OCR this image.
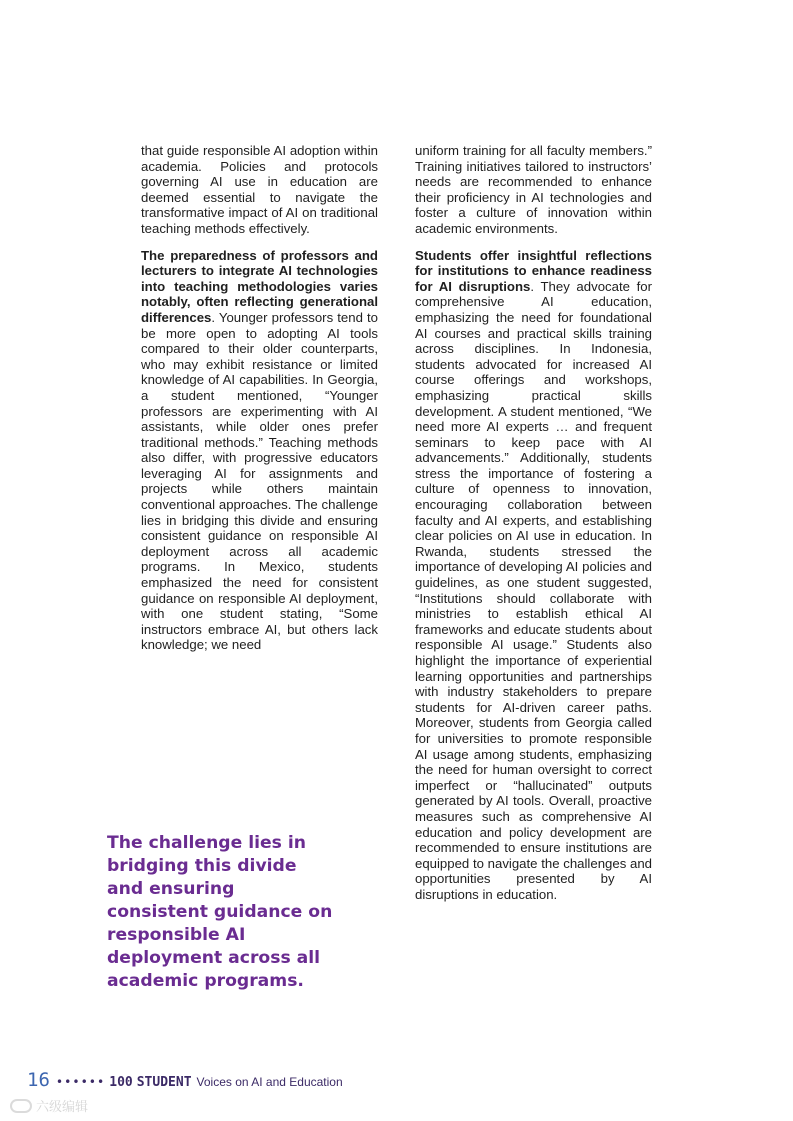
that guide responsible AI adoption within academia. Policies and protocols governing AI use in education are deemed essential to navigate the transformative impact of AI on traditional teaching methods effectively.

The preparedness of professors and lecturers to integrate AI technologies into teaching methodologies varies notably, often reflecting generational differences. Younger professors tend to be more open to adopting AI tools compared to their older counterparts, who may exhibit resistance or limited knowledge of AI capabilities. In Georgia, a student mentioned, “Younger professors are experimenting with AI assistants, while older ones prefer traditional methods.” Teaching methods also differ, with progressive educators leveraging AI for assignments and projects while others maintain conventional approaches. The challenge lies in bridging this divide and ensuring consistent guidance on responsible AI deployment across all academic programs. In Mexico, students emphasized the need for consistent guidance on responsible AI deployment, with one student stating, “Some instructors embrace AI, but others lack knowledge; we need

uniform training for all faculty members.” Training initiatives tailored to instructors’ needs are recommended to enhance their proficiency in AI technologies and foster a culture of innovation within academic environments.

Students offer insightful reflections for institutions to enhance readiness for AI disruptions. They advocate for comprehensive AI education, emphasizing the need for foundational AI courses and practical skills training across disciplines. In Indonesia, students advocated for increased AI course offerings and workshops, emphasizing practical skills development. A student mentioned, “We need more AI experts … and frequent seminars to keep pace with AI advancements.” Additionally, students stress the importance of fostering a culture of openness to innovation, encouraging collaboration between faculty and AI experts, and establishing clear policies on AI use in education. In Rwanda, students stressed the importance of developing AI policies and guidelines, as one student suggested, “Institutions should collaborate with ministries to establish ethical AI frameworks and educate students about responsible AI usage.” Students also highlight the importance of experiential learning opportunities and partnerships with industry stakeholders to prepare students for AI-driven career paths. Moreover, students from Georgia called for universities to promote responsible AI usage among students, emphasizing the need for human oversight to correct imperfect or “hallucinated” outputs generated by AI tools. Overall, proactive measures such as comprehensive AI education and policy development are recommended to ensure institutions are equipped to navigate the challenges and opportunities presented by AI disruptions in education.

The challenge lies in bridging this divide and ensuring consistent guidance on responsible AI deployment across all academic programs.
16 •••••• 100 STUDENT Voices on AI and Education
六级编辑
